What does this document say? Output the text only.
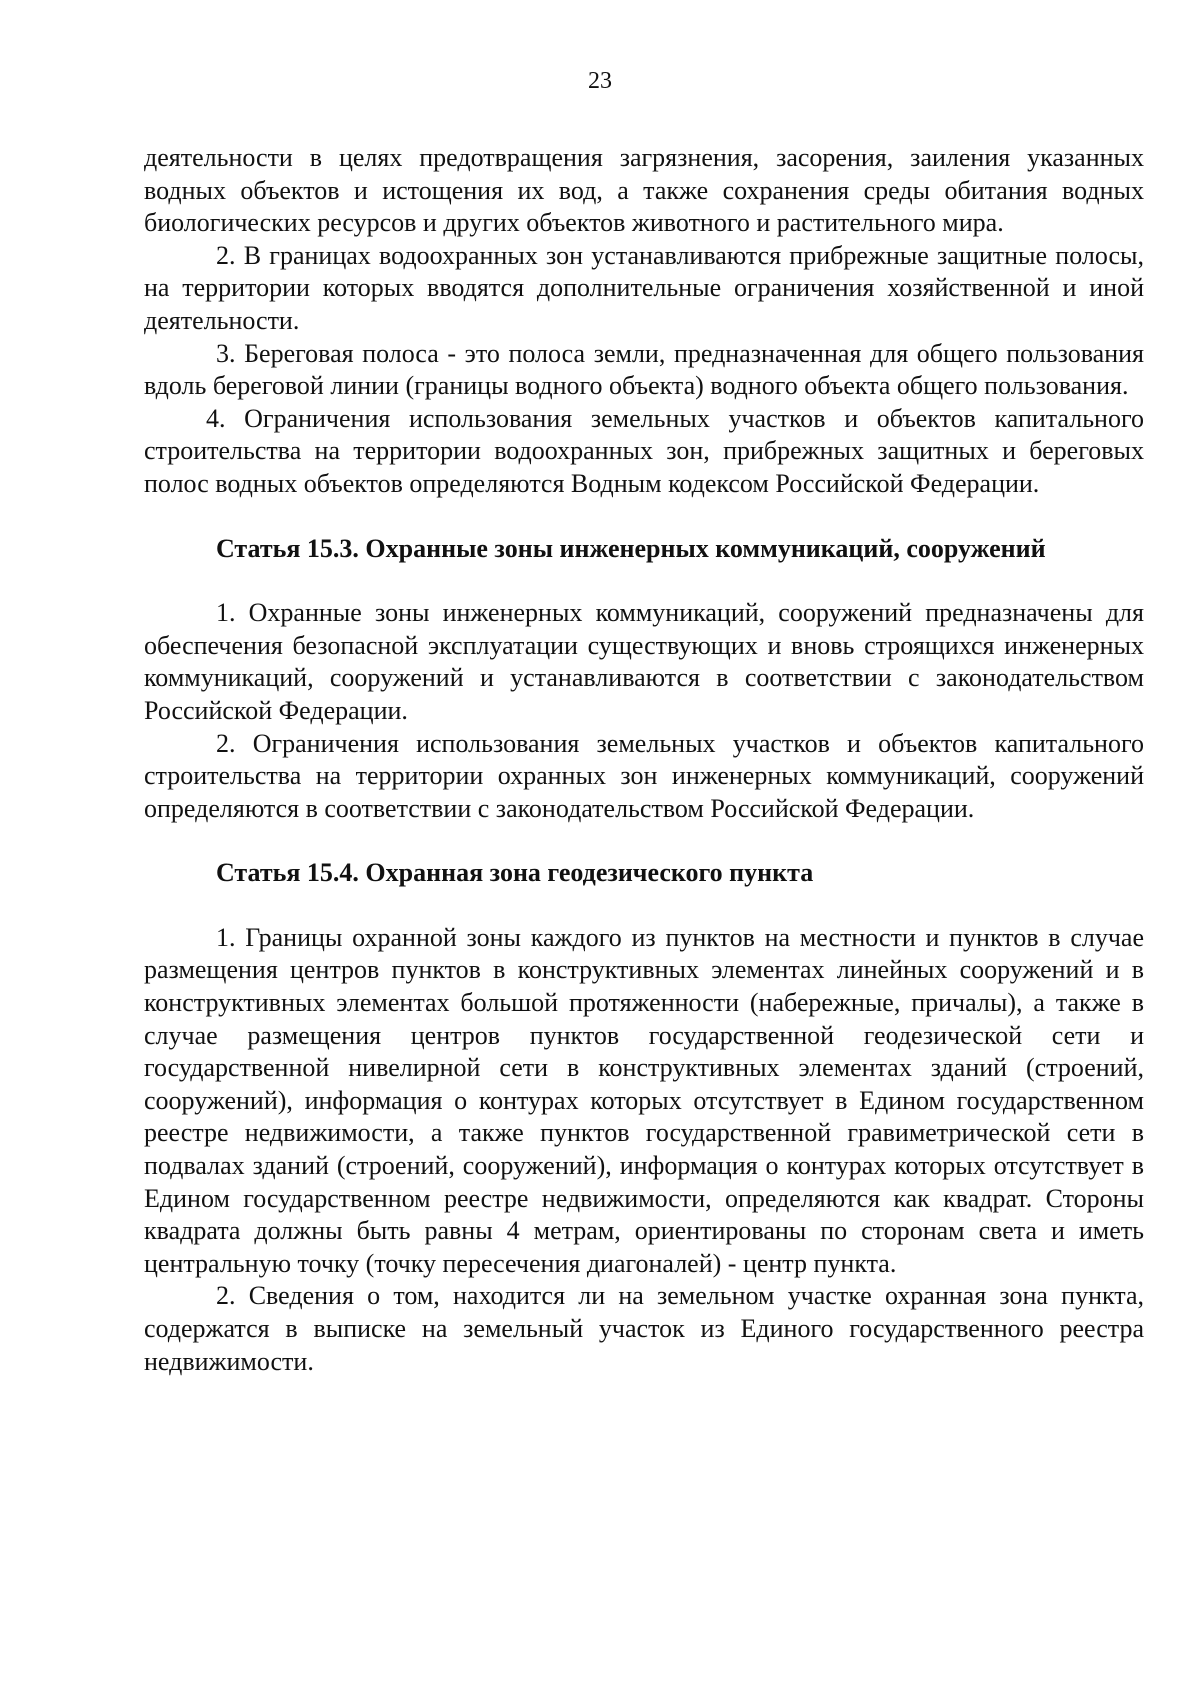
23

деятельности в целях предотвращения загрязнения, засорения, заиления указанных водных объектов и истощения их вод, а также сохранения среды обитания водных биологических ресурсов и других объектов животного и растительного мира.

2. В границах водоохранных зон устанавливаются прибрежные защитные полосы, на территории которых вводятся дополнительные ограничения хозяйственной и иной деятельности.

3. Береговая полоса - это полоса земли, предназначенная для общего пользования вдоль береговой линии (границы водного объекта) водного объекта общего пользования.

4. Ограничения использования земельных участков и объектов капитального строительства на территории водоохранных зон, прибрежных защитных и береговых полос водных объектов определяются Водным кодексом Российской Федерации.

Статья 15.3. Охранные зоны инженерных коммуникаций, сооружений

1. Охранные зоны инженерных коммуникаций, сооружений предназначены для обеспечения безопасной эксплуатации существующих и вновь строящихся инженерных коммуникаций, сооружений и устанавливаются в соответствии с законодательством Российской Федерации.

2. Ограничения использования земельных участков и объектов капитального строительства на территории охранных зон инженерных коммуникаций, сооружений определяются в соответствии с законодательством Российской Федерации.

Статья 15.4. Охранная зона геодезического пункта

1. Границы охранной зоны каждого из пунктов на местности и пунктов в случае размещения центров пунктов в конструктивных элементах линейных сооружений и в конструктивных элементах большой протяженности (набережные, причалы), а также в случае размещения центров пунктов государственной геодезической сети и государственной нивелирной сети в конструктивных элементах зданий (строений, сооружений), информация о контурах которых отсутствует в Едином государственном реестре недвижимости, а также пунктов государственной гравиметрической сети в подвалах зданий (строений, сооружений), информация о контурах которых отсутствует в Едином государственном реестре недвижимости, определяются как квадрат. Стороны квадрата должны быть равны 4 метрам, ориентированы по сторонам света и иметь центральную точку (точку пересечения диагоналей) - центр пункта.

2. Сведения о том, находится ли на земельном участке охранная зона пункта, содержатся в выписке на земельный участок из Единого государственного реестра недвижимости.
